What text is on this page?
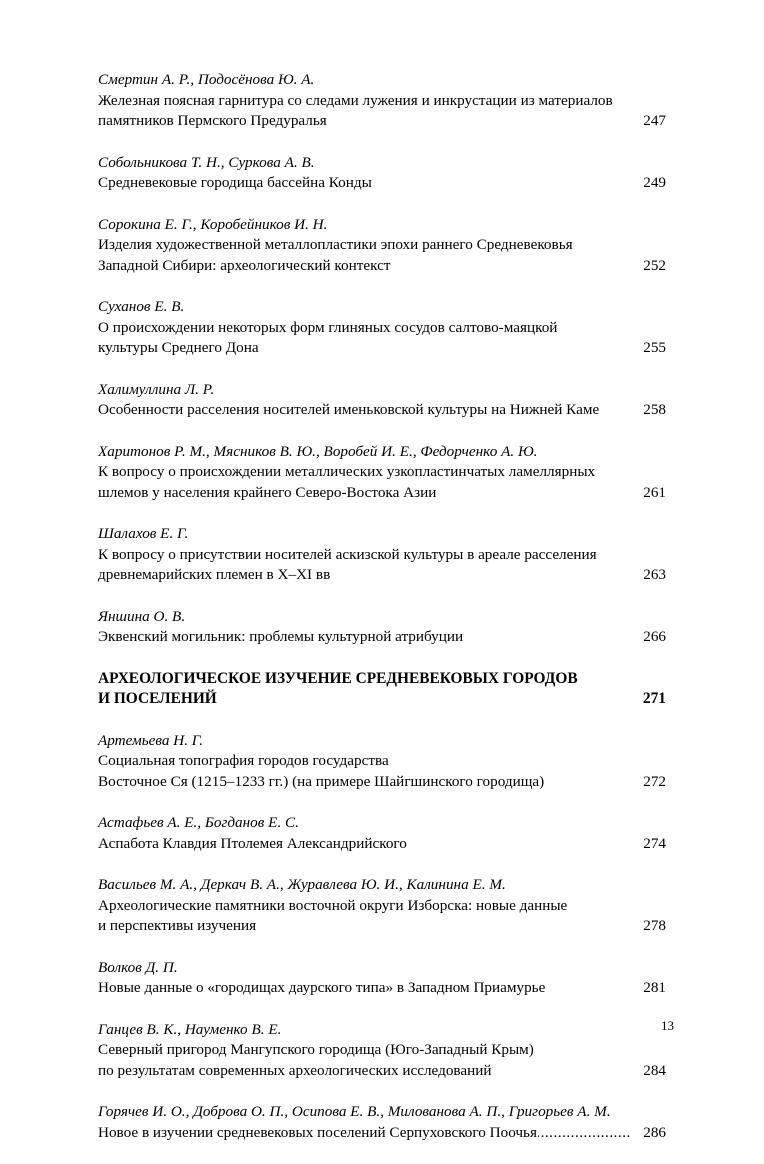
Смертин А. Р., Подосёнова Ю. А.
Железная поясная гарнитура со следами лужения и инкрустации из материалов
памятников Пермского Предуралья .....	247
Собольникова Т. Н., Суркова А. В.
Средневековые городища бассейна Конды .....	249
Сорокина Е. Г., Коробейников И. Н.
Изделия художественной металлопластики эпохи раннего Средневековья
Западной Сибири: археологический контекст .....	252
Суханов Е. В.
О происхождении некоторых форм глиняных сосудов салтово-маяцкой
культуры Среднего Дона .....	255
Халимуллина Л. Р.
Особенности расселения носителей именьковской культуры на Нижней Каме .....	258
Харитонов Р. М., Мясников В. Ю., Воробей И. Е., Федорченко А. Ю.
К вопросу о происхождении металлических узкопластинчатых ламеллярных
шлемов у населения крайнего Северо-Востока Азии .....	261
Шалахов Е. Г.
К вопросу о присутствии носителей аскизской культуры в ареале расселения
древнемарийских племен в X–XI вв .....	263
Яншина О. В.
Эквенский могильник: проблемы культурной атрибуции .....	266
АРХЕОЛОГИЧЕСКОЕ ИЗУЧЕНИЕ СРЕДНЕВЕКОВЫХ ГОРОДОВ
И ПОСЕЛЕНИЙ .....	271
Артемьева Н. Г.
Социальная топография городов государства
Восточное Ся (1215–1233 гг.) (на примере Шайгшинского городища) .....	272
Астафьев А. Е., Богданов Е. С.
Аспабота Клавдия Птолемея Александрийского .....	274
Васильев М. А., Деркач В. А., Журавлева Ю. И., Калинина Е. М.
Археологические памятники восточной округи Изборска: новые данные
и перспективы изучения .....	278
Волков Д. П.
Новые данные о «городищах даурского типа» в Западном Приамурье .....	281
Ганцев В. К., Науменко В. Е.
Северный пригород Мангупского городища (Юго-Западный Крым)
по результатам современных археологических исследований .....	284
Горячев И. О., Доброва О. П., Осипова Е. В., Милованова А. П., Григорьев А. М.
Новое в изучении средневековых поселений Серпуховского Поочья .....	286
13
